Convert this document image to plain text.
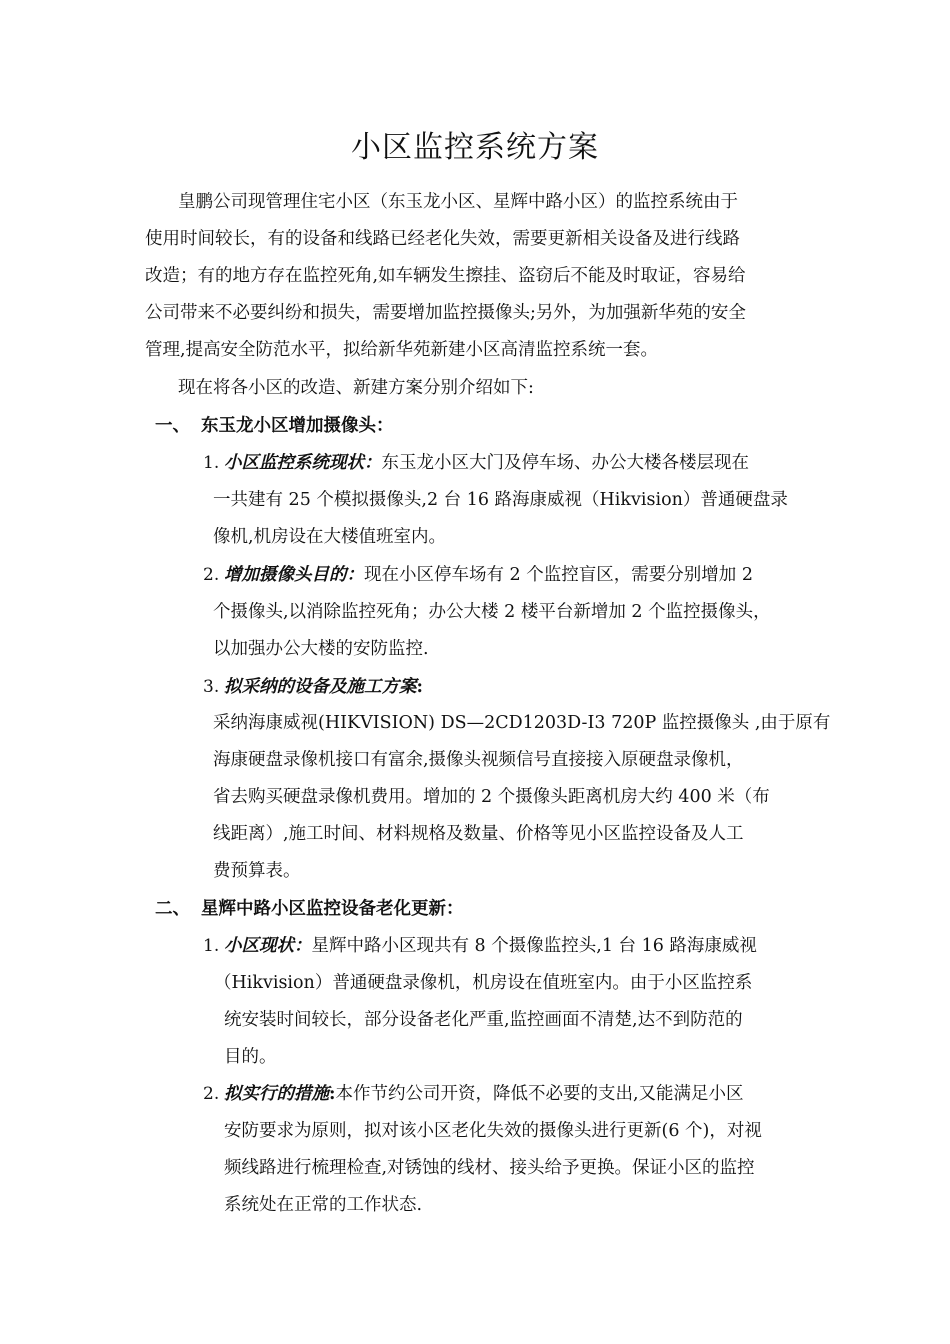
小区监控系统方案
皇鹏公司现管理住宅小区（东玉龙小区、星辉中路小区）的监控系统由于
使用时间较长，有的设备和线路已经老化失效，需要更新相关设备及进行线路
改造；有的地方存在监控死角,如车辆发生擦挂、盗窃后不能及时取证，容易给
公司带来不必要纠纷和损失，需要增加监控摄像头;另外，为加强新华苑的安全
管理,提高安全防范水平，拟给新华苑新建小区高清监控系统一套。
现在将各小区的改造、新建方案分别介绍如下:
一、 东玉龙小区增加摄像头：
1. 小区监控系统现状：东玉龙小区大门及停车场、办公大楼各楼层现在
一共建有 25 个模拟摄像头,2 台 16 路海康威视（Hikvision）普通硬盘录
像机,机房设在大楼值班室内。
2. 增加摄像头目的：现在小区停车场有 2 个监控盲区，需要分别增加 2
个摄像头,以消除监控死角；办公大楼 2 楼平台新增加 2 个监控摄像头，
以加强办公大楼的安防监控.
3. 拟采纳的设备及施工方案:
采纳海康威视(HIKVISION) DS—2CD1203D-I3 720P 监控摄像头 ,由于原有
海康硬盘录像机接口有富余,摄像头视频信号直接接入原硬盘录像机，
省去购买硬盘录像机费用。增加的 2 个摄像头距离机房大约 400 米（布
线距离）,施工时间、材料规格及数量、价格等见小区监控设备及人工
费预算表。
二、 星辉中路小区监控设备老化更新：
1. 小区现状：星辉中路小区现共有 8 个摄像监控头,1 台 16 路海康威视
（Hikvision）普通硬盘录像机，机房设在值班室内。由于小区监控系
统安装时间较长，部分设备老化严重,监控画面不清楚,达不到防范的
目的。
2. 拟实行的措施:本作节约公司开资，降低不必要的支出,又能满足小区
安防要求为原则，拟对该小区老化失效的摄像头进行更新(6 个)，对视
频线路进行梳理检查,对锈蚀的线材、接头给予更换。保证小区的监控
系统处在正常的工作状态.
